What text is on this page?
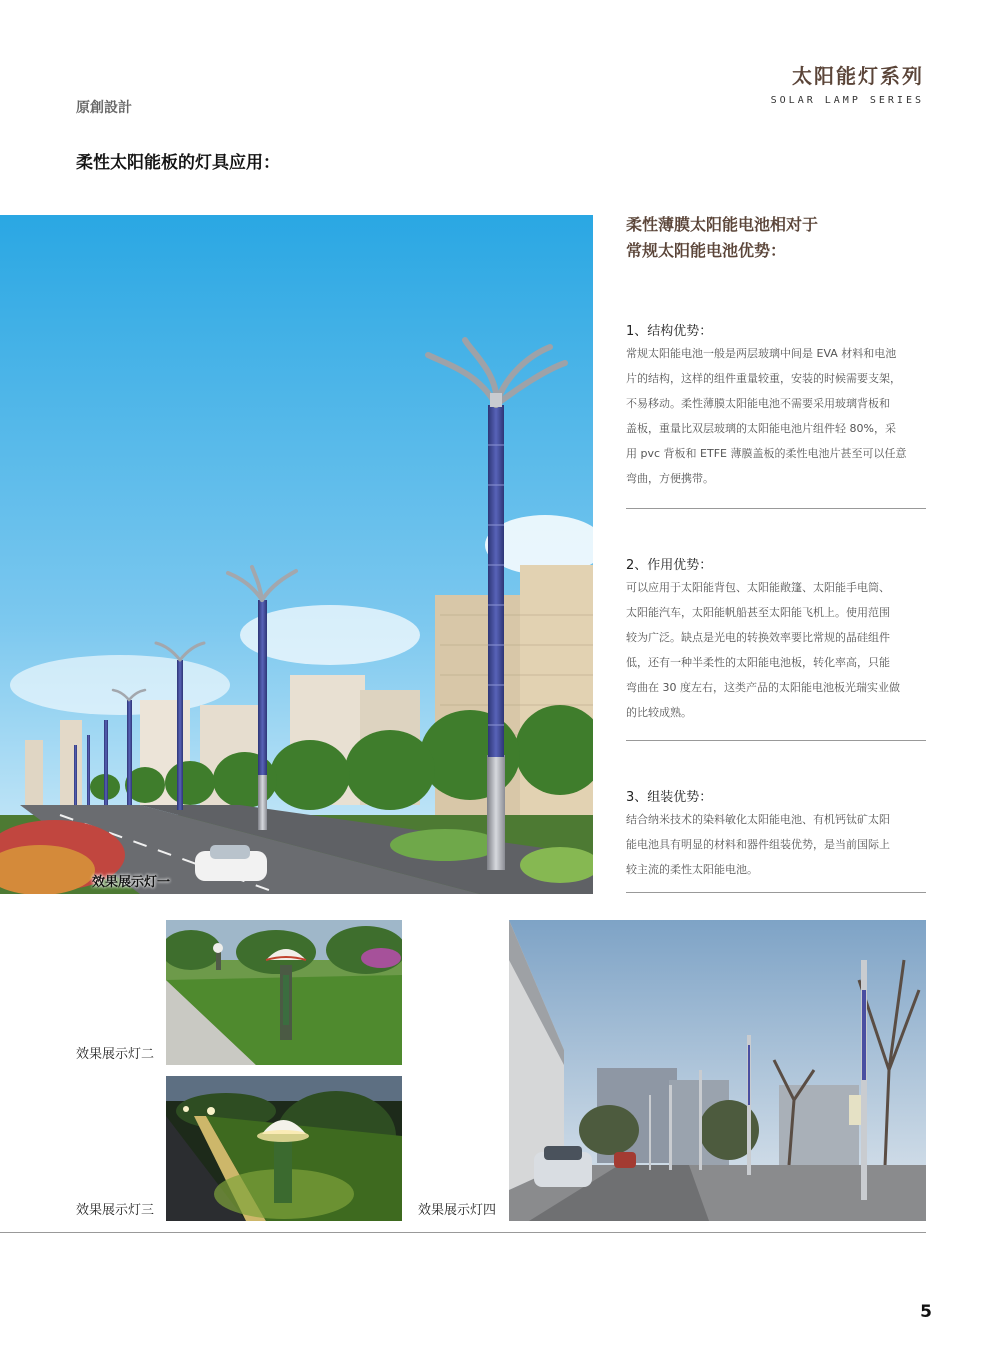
太阳能灯系列
SOLAR LAMP SERIES
原創設計
柔性太阳能板的灯具应用：
效果展示灯一
柔性薄膜太阳能电池相对于
常规太阳能电池优势：
1、结构优势：
常规太阳能电池一般是两层玻璃中间是 EVA 材料和电池
片的结构，这样的组件重量较重，安装的时候需要支架，
不易移动。柔性薄膜太阳能电池不需要采用玻璃背板和
盖板，重量比双层玻璃的太阳能电池片组件轻 80%，采
用 pvc 背板和 ETFE 薄膜盖板的柔性电池片甚至可以任意
弯曲，方便携带。
2、作用优势：
可以应用于太阳能背包、太阳能敞篷、太阳能手电筒、
太阳能汽车，太阳能帆船甚至太阳能飞机上。使用范围
较为广泛。缺点是光电的转换效率要比常规的晶硅组件
低，还有一种半柔性的太阳能电池板，转化率高，只能
弯曲在 30 度左右，这类产品的太阳能电池板光瑞实业做
的比较成熟。
3、组装优势：
结合纳米技术的染料敏化太阳能电池、有机钙钛矿太阳
能电池具有明显的材料和器件组装优势，是当前国际上
较主流的柔性太阳能电池。
效果展示灯二
效果展示灯三	效果展示灯四
5
